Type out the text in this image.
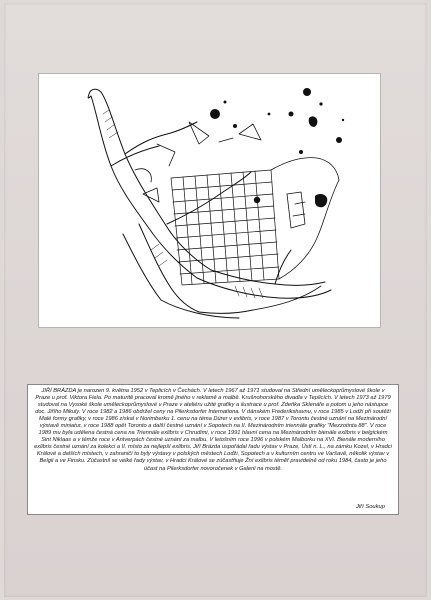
JIŘÍ BRÁZDA je narozen 9. května 1952 v Teplicích v Čechách. V letech 1967 až 1971 studoval na Střední uměleckoprůmyslové škole v Praze u prof. Viktora Fiela. Po maturitě pracoval kromě jiného v reklamě a malbě. Krušnohorského divadla v Teplicích. V letech 1973 až 1979 studoval na Vysoké škole uměleckoprůmyslové v Praze v ateliéru užité grafiky a ilustrace u prof. Zdeňka Sklenáře a potom u jeho nástupce doc. Jiřího Mikuly. V roce 1982 a 1986 obdržel ceny na Pilerksdorfer Internationa. V dánském Frederikshavnu, v roce 1985 v Lodži při soutěži Malé formy grafiky, v roce 1986 získal v Norimberku 1. cenu na téma Dürer v exlibris, v roce 1987 v Torontu čestné uznání na Mezinárodní výstavě miniatur, v roce 1988 opět Toronto a další čestné uznání v Sopotech na II. Mezinárodním triennále grafiky "Mezzotinta 88". V roce 1989 mu byla udělena čestná cena na Triennále exlibris v Chrudimi, v roce 1991 hlavní cena na Mezinárodním bienále exlibris v belgickém Sint Niklaas a v témže roce v Antverpách čestné uznání za malbu. V letošním roce 1996 v polském Malborku na XVI. Bienále moderního exlibris čestné uznání za kolekci a II. místo za nejlepší exlibris. Jiří Brázda uspořádal řadu výstav v Praze, Ústí n. L., na zámku Kozel, v Hradci Králové a dalších místech, v zahraničí to byly výstavy v polských městech Lodži, Sopotech a v kulturním centru ve Varšavě, několik výstav v Belgii a ve Finsku. Zúčastnil se velké řady výstav, v Hradci Králové se zúčastňuje Žní exlibris téměř pravidelně od roku 1984, často je jeho účast na Pilerksdorfer novoročenek v Galerii na mostě.

Jiří Soukup
